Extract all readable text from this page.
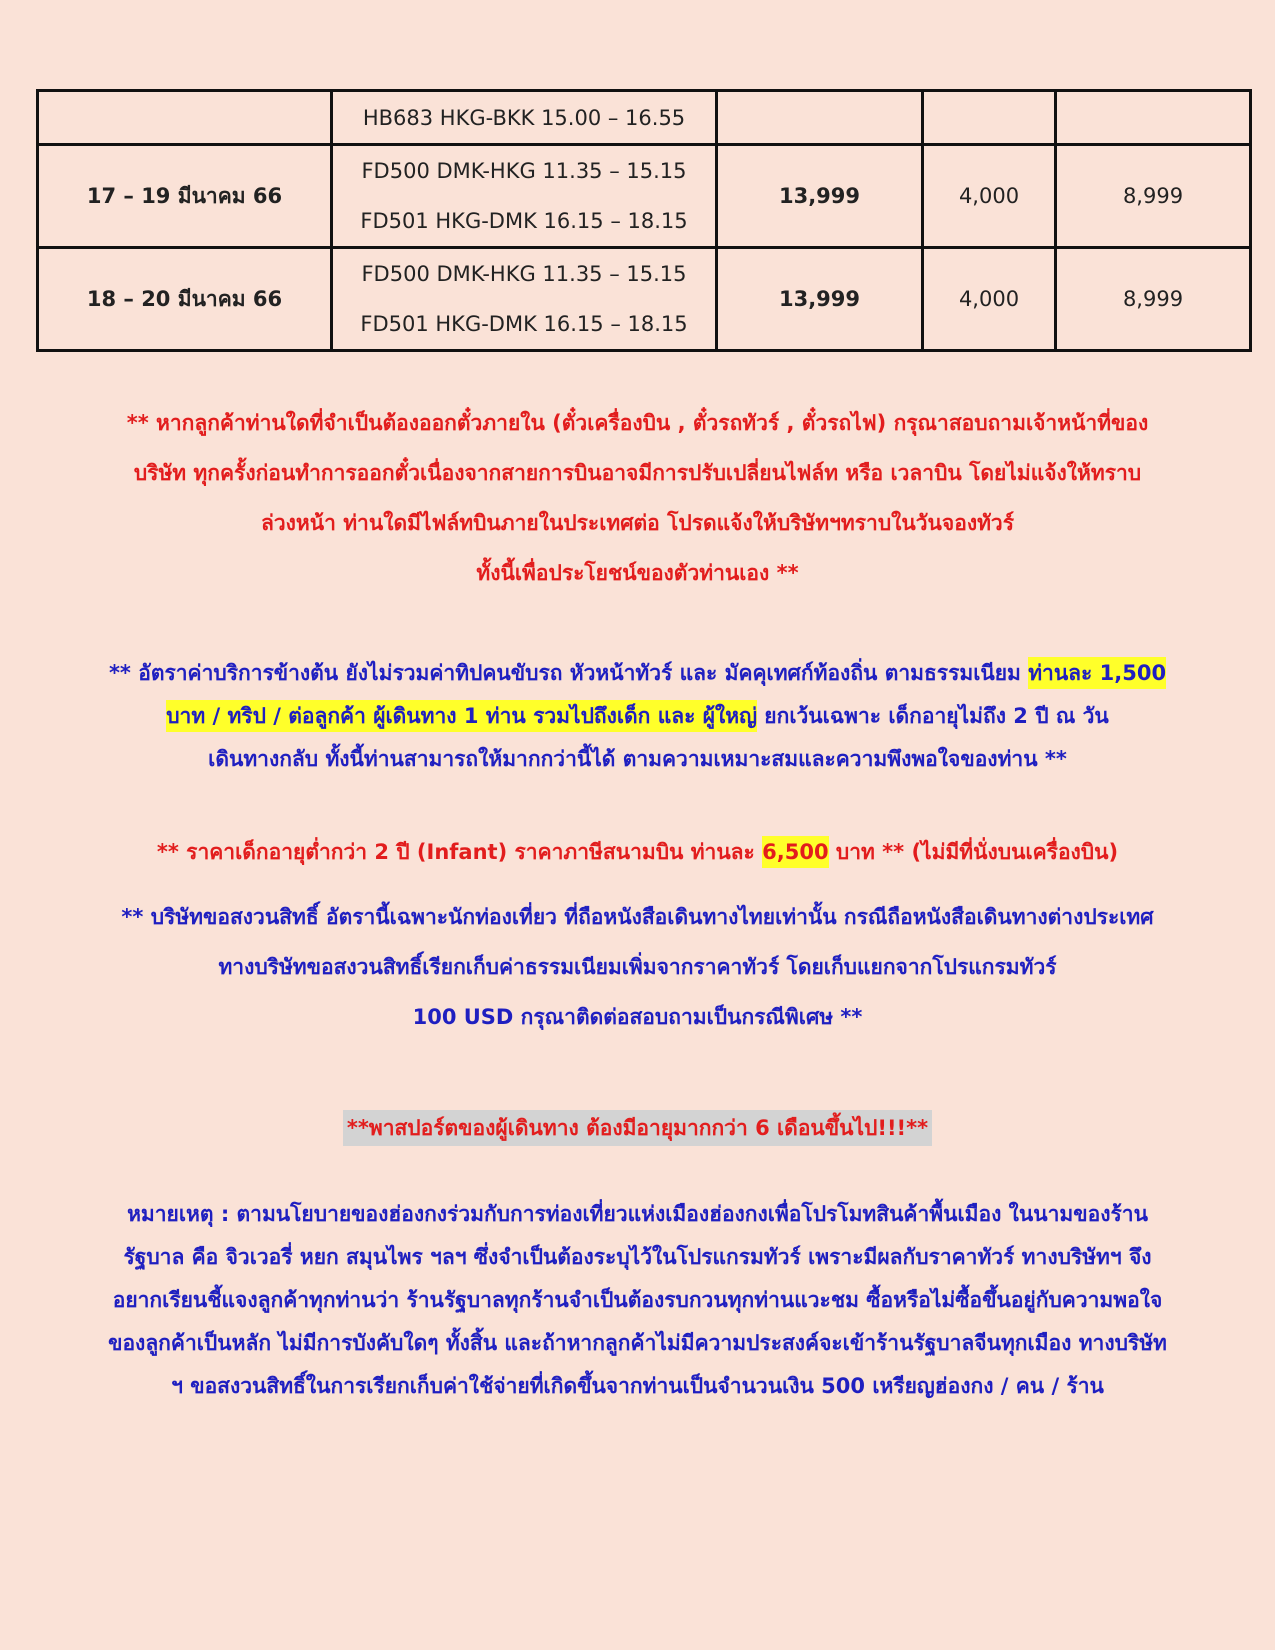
	HB683 HKG-BKK 15.00 – 16.55			

17 – 19 มีนาคม 66	FD500 DMK-HKG 11.35 – 15.15
FD501 HKG-DMK 16.15 – 18.15	13,999	4,000	8,999
18 – 20 มีนาคม 66	FD500 DMK-HKG 11.35 – 15.15
FD501 HKG-DMK 16.15 – 18.15	13,999	4,000	8,999
** หากลูกค้าท่านใดที่จำเป็นต้องออกตั๋วภายใน (ตั๋วเครื่องบิน , ตั๋วรถทัวร์ , ตั๋วรถไฟ) กรุณาสอบถามเจ้าหน้าที่ของ
บริษัท ทุกครั้งก่อนทำการออกตั๋วเนื่องจากสายการบินอาจมีการปรับเปลี่ยนไฟล์ท หรือ เวลาบิน โดยไม่แจ้งให้ทราบ
ล่วงหน้า ท่านใดมีไฟล์ทบินภายในประเทศต่อ โปรดแจ้งให้บริษัทฯทราบในวันจองทัวร์
ทั้งนี้เพื่อประโยชน์ของตัวท่านเอง **
** อัตราค่าบริการข้างต้น ยังไม่รวมค่าทิปคนขับรถ หัวหน้าทัวร์ และ มัคคุเทศก์ท้องถิ่น ตามธรรมเนียม ท่านละ 1,500
บาท / ทริป / ต่อลูกค้า ผู้เดินทาง 1 ท่าน รวมไปถึงเด็ก และ ผู้ใหญ่ ยกเว้นเฉพาะ เด็กอายุไม่ถึง 2 ปี ณ วัน
เดินทางกลับ ทั้งนี้ท่านสามารถให้มากกว่านี้ได้ ตามความเหมาะสมและความพึงพอใจของท่าน **
** ราคาเด็กอายุต่ำกว่า 2 ปี (Infant) ราคาภาษีสนามบิน ท่านละ 6,500 บาท ** (ไม่มีที่นั่งบนเครื่องบิน)
** บริษัทขอสงวนสิทธิ์ อัตรานี้เฉพาะนักท่องเที่ยว ที่ถือหนังสือเดินทางไทยเท่านั้น กรณีถือหนังสือเดินทางต่างประเทศ
ทางบริษัทขอสงวนสิทธิ์เรียกเก็บค่าธรรมเนียมเพิ่มจากราคาทัวร์ โดยเก็บแยกจากโปรแกรมทัวร์
100 USD กรุณาติดต่อสอบถามเป็นกรณีพิเศษ **
**พาสปอร์ตของผู้เดินทาง ต้องมีอายุมากกว่า 6 เดือนขึ้นไป!!!**
หมายเหตุ : ตามนโยบายของฮ่องกงร่วมกับการท่องเที่ยวแห่งเมืองฮ่องกงเพื่อโปรโมทสินค้าพื้นเมือง ในนามของร้าน
รัฐบาล คือ จิวเวอรี่ หยก สมุนไพร ฯลฯ ซึ่งจำเป็นต้องระบุไว้ในโปรแกรมทัวร์ เพราะมีผลกับราคาทัวร์ ทางบริษัทฯ จึง
อยากเรียนชี้แจงลูกค้าทุกท่านว่า ร้านรัฐบาลทุกร้านจำเป็นต้องรบกวนทุกท่านแวะชม ซื้อหรือไม่ซื้อขึ้นอยู่กับความพอใจ
ของลูกค้าเป็นหลัก ไม่มีการบังคับใดๆ ทั้งสิ้น และถ้าหากลูกค้าไม่มีความประสงค์จะเข้าร้านรัฐบาลจีนทุกเมือง ทางบริษัท
ฯ ขอสงวนสิทธิ์ในการเรียกเก็บค่าใช้จ่ายที่เกิดขึ้นจากท่านเป็นจำนวนเงิน 500 เหรียญฮ่องกง / คน / ร้าน
